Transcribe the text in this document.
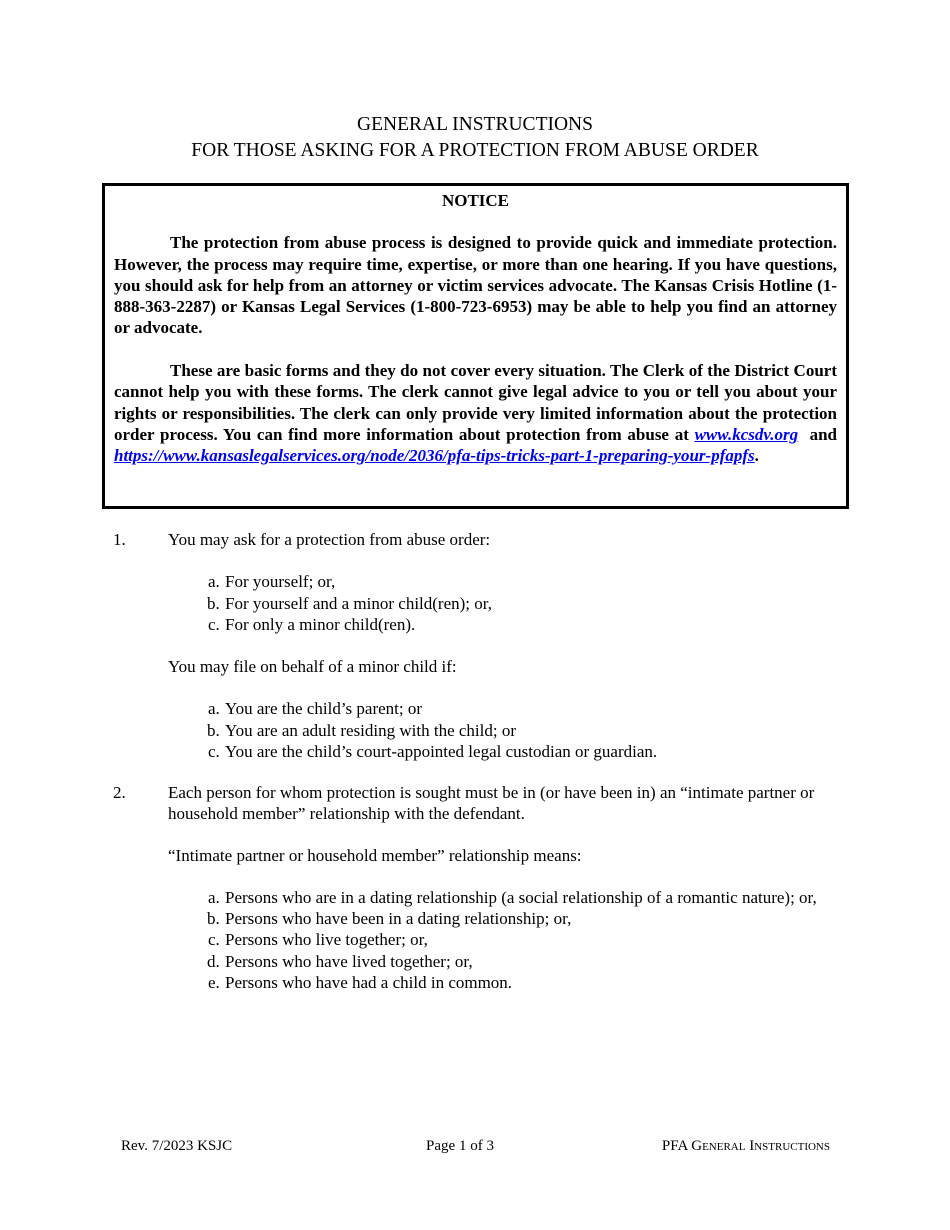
GENERAL INSTRUCTIONS
FOR THOSE ASKING FOR A PROTECTION FROM ABUSE ORDER
NOTICE

The protection from abuse process is designed to provide quick and immediate protection. However, the process may require time, expertise, or more than one hearing. If you have questions, you should ask for help from an attorney or victim services advocate. The Kansas Crisis Hotline (1-888-363-2287) or Kansas Legal Services (1-800-723-6953) may be able to help you find an attorney or advocate.

These are basic forms and they do not cover every situation. The Clerk of the District Court cannot help you with these forms. The clerk cannot give legal advice to you or tell you about your rights or responsibilities. The clerk can only provide very limited information about the protection order process. You can find more information about protection from abuse at www.kcsdv.org and https://www.kansaslegalservices.org/node/2036/pfa-tips-tricks-part-1-preparing-your-pfapfs.

1. You may ask for a protection from abuse order:

a. For yourself; or,
b. For yourself and a minor child(ren); or,
c. For only a minor child(ren).

You may file on behalf of a minor child if:

a. You are the child’s parent; or
b. You are an adult residing with the child; or
c. You are the child’s court-appointed legal custodian or guardian.
2. Each person for whom protection is sought must be in (or have been in) an “intimate partner or household member” relationship with the defendant.

“Intimate partner or household member” relationship means:

a. Persons who are in a dating relationship (a social relationship of a romantic nature); or,
b. Persons who have been in a dating relationship; or,
c. Persons who live together; or,
d. Persons who have lived together; or,
e. Persons who have had a child in common.
Rev. 7/2023 KSJC	Page 1 of 3	PFA General Instructions
